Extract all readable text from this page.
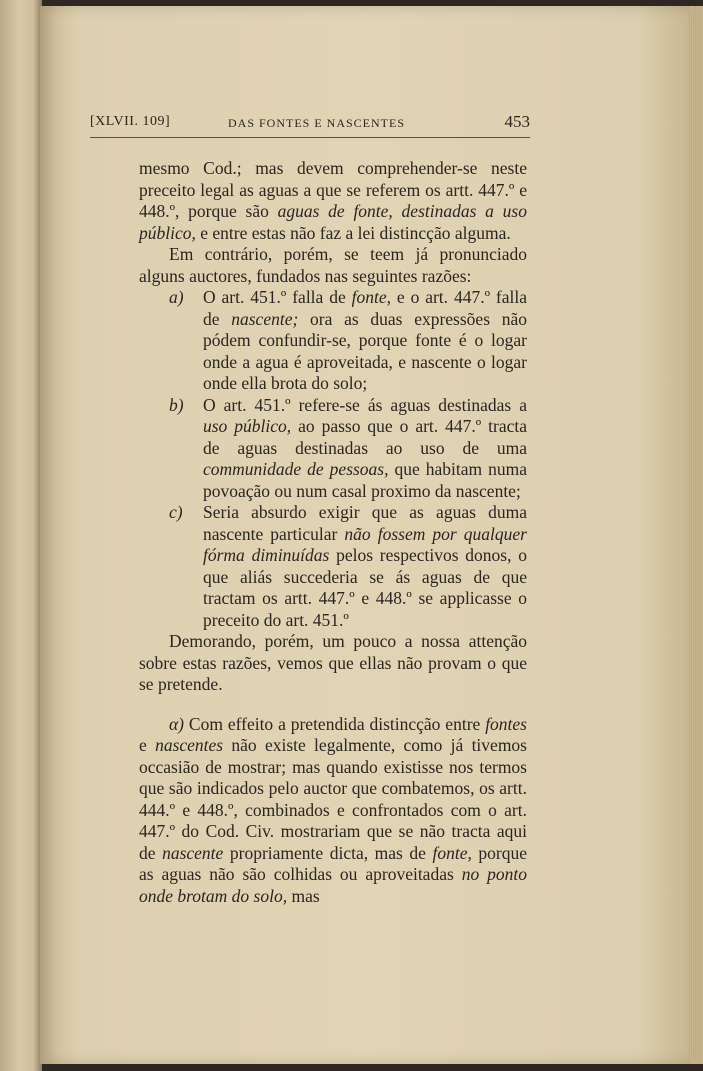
[XLVII. 109]	DAS FONTES E NASCENTES	453

mesmo Cod.; mas devem comprehender-se neste preceito legal as aguas a que se referem os artt. 447.º e 448.º, porque são aguas de fonte, destinadas a uso público, e entre estas não faz a lei distincção alguma.

Em contrário, porém, se teem já pronunciado alguns auctores, fundados nas seguintes razões:

a)	O art. 451.º falla de fonte, e o art. 447.º falla de nascente; ora as duas expressões não pódem confundir-se, porque fonte é o logar onde a agua é aproveitada, e nascente o logar onde ella brota do solo;

b)	O art. 451.º refere-se ás aguas destinadas a uso público, ao passo que o art. 447.º tracta de aguas destinadas ao uso de uma communidade de pessoas, que habitam numa povoação ou num casal proximo da nascente;

c)	Seria absurdo exigir que as aguas duma nascente particular não fossem por qualquer fórma diminuídas pelos respectivos donos, o que aliás succederia se ás aguas de que tractam os artt. 447.º e 448.º se applicasse o preceito do art. 451.º

Demorando, porém, um pouco a nossa attenção sobre estas razões, vemos que ellas não provam o que se pretende.

α) Com effeito a pretendida distincção entre fontes e nascentes não existe legalmente, como já tivemos occasião de mostrar; mas quando existisse nos termos que são indicados pelo auctor que combatemos, os artt. 444.º e 448.º, combinados e confrontados com o art. 447.º do Cod. Civ. mostrariam que se não tracta aqui de nascente propriamente dicta, mas de fonte, porque as aguas não são colhidas ou aproveitadas no ponto onde brotam do solo, mas
